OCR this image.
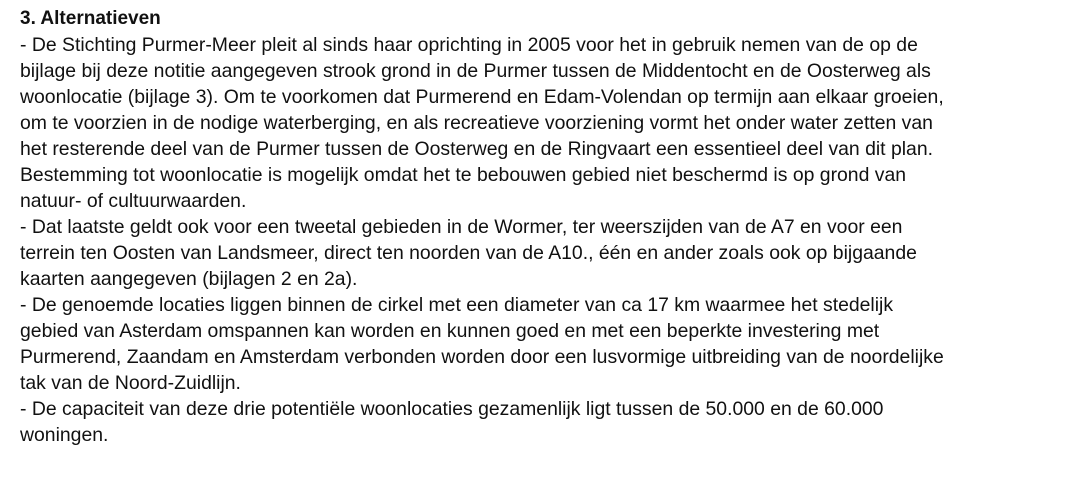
3. Alternatieven
- De Stichting Purmer-Meer pleit al sinds haar oprichting in 2005 voor het in gebruik nemen van de op de
bijlage bij deze notitie aangegeven strook grond in de Purmer tussen de Middentocht en de Oosterweg als
woonlocatie (bijlage 3). Om te voorkomen dat Purmerend en Edam-Volendan op termijn aan elkaar groeien,
om te voorzien in de nodige waterberging, en als recreatieve voorziening vormt het onder water zetten van
het resterende deel van de Purmer tussen de Oosterweg en de Ringvaart een essentieel deel van dit plan.
Bestemming tot woonlocatie is mogelijk omdat het te bebouwen gebied niet beschermd is op grond van
natuur- of cultuurwaarden.
- Dat laatste geldt ook voor een tweetal gebieden in de Wormer, ter weerszijden van de A7 en voor een
terrein ten Oosten van Landsmeer, direct ten noorden van de A10., één en ander zoals ook op bijgaande
kaarten aangegeven (bijlagen 2 en 2a).
- De genoemde locaties liggen binnen de cirkel met een diameter van ca 17 km waarmee het stedelijk
gebied van Asterdam omspannen kan worden en kunnen goed en met een beperkte investering met
Purmerend, Zaandam en Amsterdam verbonden worden door een lusvormige uitbreiding van de noordelijke
tak van de Noord-Zuidlijn.
- De capaciteit van deze drie potentiële woonlocaties gezamenlijk ligt tussen de 50.000 en de 60.000
woningen.
